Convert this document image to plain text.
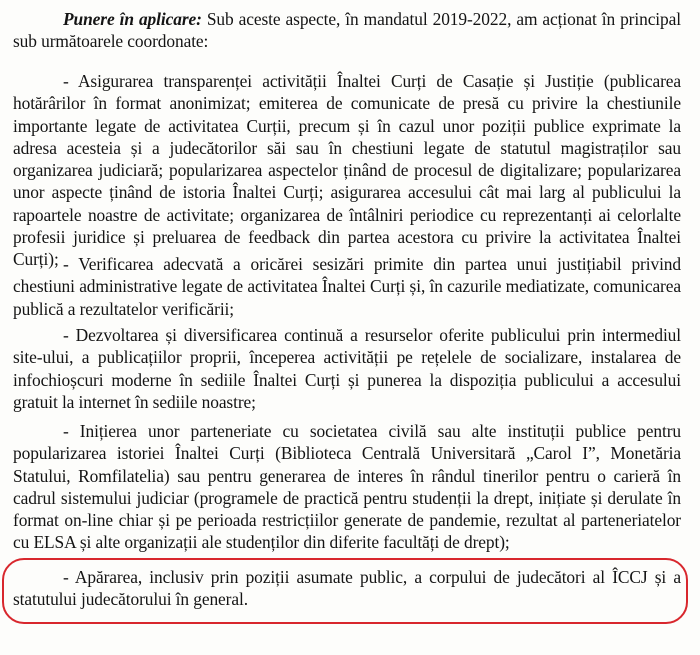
Punere în aplicare: Sub aceste aspecte, în mandatul 2019-2022, am acționat în principal sub următoarele coordonate:

- Asigurarea transparenței activității Înaltei Curți de Casație și Justiție (publicarea hotărârilor în format anonimizat; emiterea de comunicate de presă cu privire la chestiunile importante legate de activitatea Curții, precum și în cazul unor poziții publice exprimate la adresa acesteia și a judecătorilor săi sau în chestiuni legate de statutul magistraților sau organizarea judiciară; popularizarea aspectelor ținând de procesul de digitalizare; popularizarea unor aspecte ținând de istoria Înaltei Curți; asigurarea accesului cât mai larg al publicului la rapoartele noastre de activitate; organizarea de întâlniri periodice cu reprezentanți ai celorlalte profesii juridice și preluarea de feedback din partea acestora cu privire la activitatea Înaltei Curți); - Verificarea adecvată a oricărei sesizări primite din partea unui justițiabil privind chestiuni administrative legate de activitatea Înaltei Curți și, în cazurile mediatizate, comunicarea publică a rezultatelor verificării;

- Dezvoltarea și diversificarea continuă a resurselor oferite publicului prin intermediul site-ului, a publicațiilor proprii, începerea activității pe rețelele de socializare, instalarea de infochioșcuri moderne în sediile Înaltei Curți și punerea la dispoziția publicului a accesului gratuit la internet în sediile noastre;

- Inițierea unor parteneriate cu societatea civilă sau alte instituții publice pentru popularizarea istoriei Înaltei Curți (Biblioteca Centrală Universitară „Carol I”, Monetăria Statului, Romfilatelia) sau pentru generarea de interes în rândul tinerilor pentru o carieră în cadrul sistemului judiciar (programele de practică pentru studenții la drept, inițiate și derulate în format on-line chiar și pe perioada restricțiilor generate de pandemie, rezultat al parteneriatelor cu ELSA și alte organizații ale studenților din diferite facultăți de drept);

- Apărarea, inclusiv prin poziții asumate public, a corpului de judecători al ÎCCJ și a statutului judecătorului în general.
